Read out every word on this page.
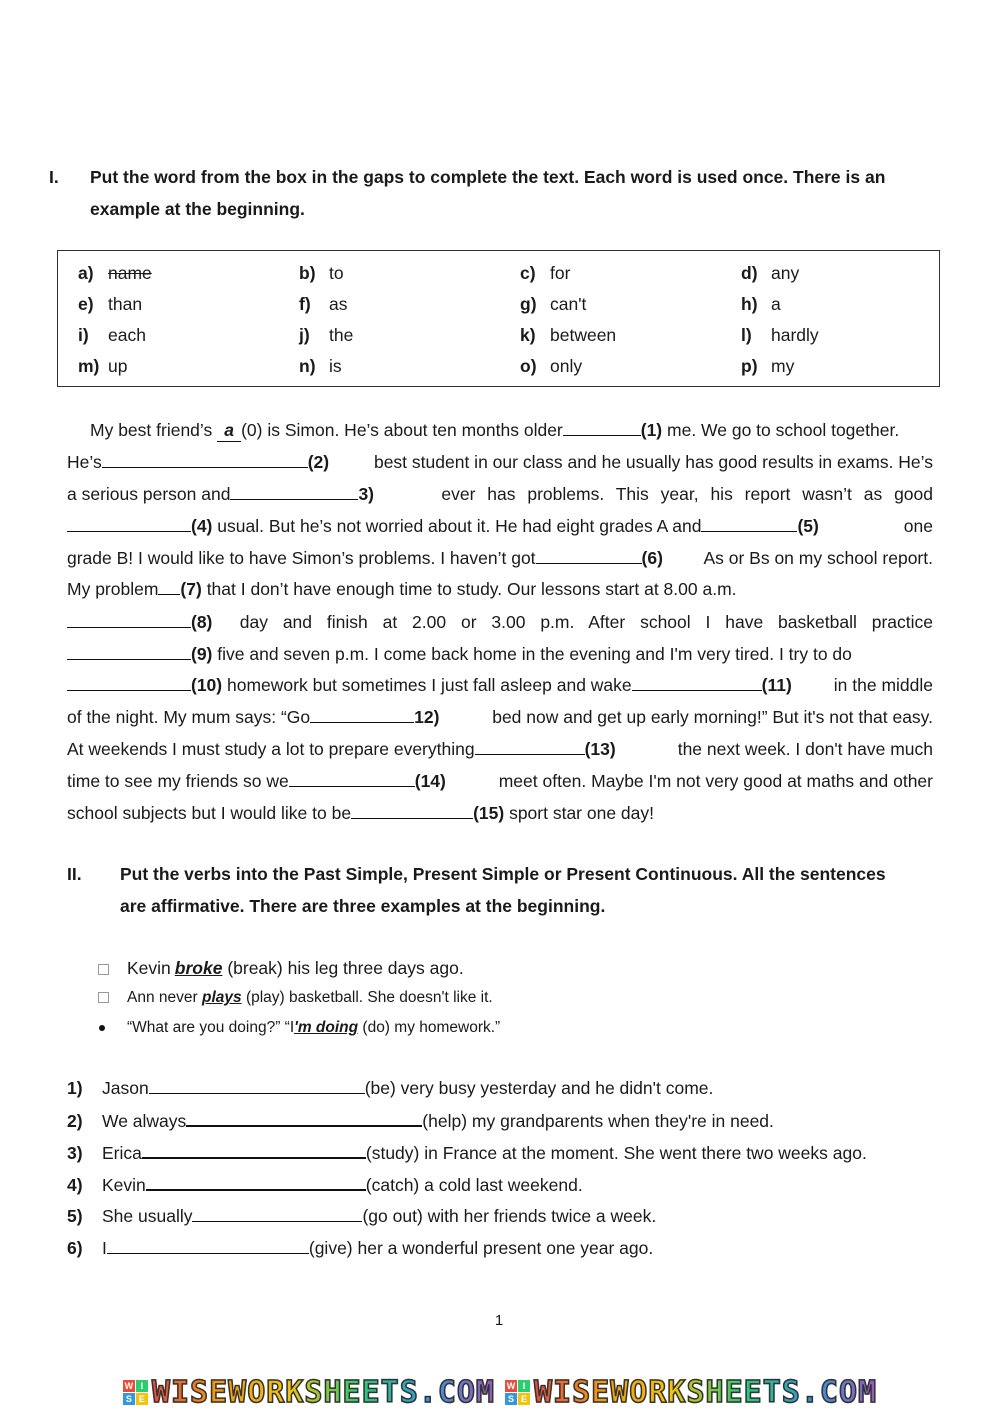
I. Put the word from the box in the gaps to complete the text. Each word is used once. There is an
example at the beginning.
a) name	b) to	c) for	d) any
e) than	f) as	g) can't	h) a
i) each	j) the	k) between	l) hardly
m) up	n) is	o) only	p) my
My best friend’s a (0) is Simon. He’s about ten months older	(1) me. We go to school together.
He’s	(2)	best student in our class and he usually has good results in exams. He’s
a serious person and	3)	ever has problems. This year, his report wasn’t as good
(4) usual. But he’s not worried about it. He had eight grades A and	(5)	one
grade B! I would like to have Simon’s problems. I haven’t got	(6) As or Bs on my school report.
My problem (7) that I don’t have enough time to study. Our lessons start at 8.00 a.m.
(8) day and finish at 2.00 or 3.00 p.m. After school I have basketball practice
(9) five and seven p.m. I come back home in the evening and I'm very tired. I try to do
(10) homework but sometimes I just fall asleep and wake	(11) in the middle
of the night. My mum says: “Go	12)	bed now and get up early morning!” But it's not that easy.
At weekends I must study a lot to prepare everything	(13)	the next week. I don't have much
time to see my friends so we	(14)	meet often. Maybe I'm not very good at maths and other
school subjects but I would like to be	(15) sport star one day!
II. Put the verbs into the Past Simple, Present Simple or Present Continuous. All the sentences
are affirmative. There are three examples at the beginning.
Kevin broke (break) his leg three days ago.
Ann never plays (play) basketball. She doesn't like it.
“What are you doing?” “I'm doing (do) my homework.”
1) Jason	(be) very busy yesterday and he didn't come.
2) We always	(help) my grandparents when they're in need.
3) Erica	(study) in France at the moment. She went there two weeks ago.
4) Kevin	(catch) a cold last weekend.
5) She usually	(go out) with her friends twice a week.
6) I	(give) her a wonderful present one year ago.
1
W I
S E WISEWORKSHEETS.COM W I
S E WISEWORKSHEETS.COM
